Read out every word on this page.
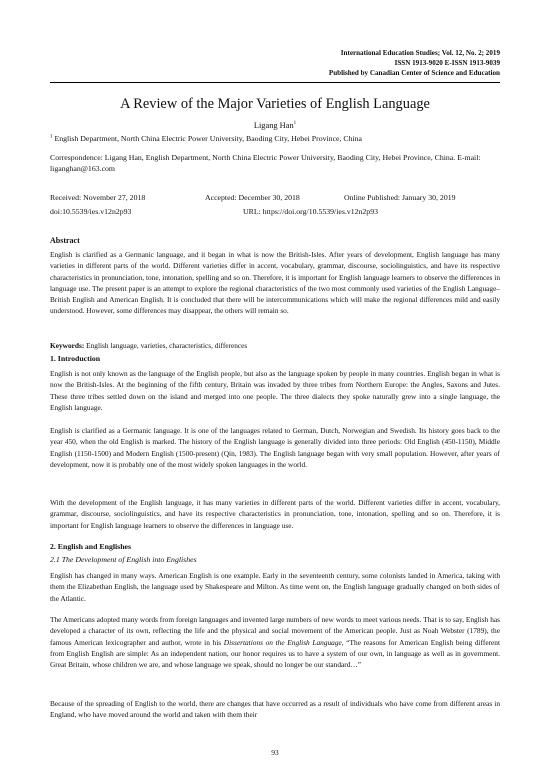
International Education Studies; Vol. 12, No. 2; 2019
ISSN 1913-9020 E-ISSN 1913-9039
Published by Canadian Center of Science and Education
A Review of the Major Varieties of English Language
Ligang Han$^1$
$^1$ English Department, North China Electric Power University, Baoding City, Hebei Province, China
Correspondence: Ligang Han, English Department, North China Electric Power University, Baoding City, Hebei Province, China. E-mail: liganghan@163.com
Received: November 27, 2018	Accepted: December 30, 2018	Online Published: January 30, 2019
doi:10.5539/ies.v12n2p93	URL: https://doi.org/10.5539/ies.v12n2p93
Abstract
English is clarified as a Germanic language, and it began in what is now the British-Isles. After years of development, English language has many varieties in different parts of the world. Different varieties differ in accent, vocabulary, grammar, discourse, sociolinguistics, and have its respective characteristics in pronunciation, tone, intonation, spelling and so on. Therefore, it is important for English language learners to observe the differences in language use. The present paper is an attempt to explore the regional characteristics of the two most commonly used varieties of the English Language–British English and American English. It is concluded that there will be intercommunications which will make the regional differences mild and easily understood. However, some differences may disappear, the others will remain so.
Keywords: English language, varieties, characteristics, differences
1. Introduction
English is not only known as the language of the English people, but also as the language spoken by people in many countries. English began in what is now the British-Isles. At the beginning of the fifth century, Britain was invaded by three tribes from Northern Europe: the Angles, Saxons and Jutes. These three tribes settled down on the island and merged into one people. The three dialects they spoke naturally grew into a single language, the English language.
English is clarified as a Germanic language. It is one of the languages related to German, Dutch, Norwegian and Swedish. Its history goes back to the year 450, when the old English is marked. The history of the English language is generally divided into three periods: Old English (450-1150), Middle English (1150-1500) and Modern English (1500-present) (Qin, 1983). The English language began with very small population. However, after years of development, now it is probably one of the most widely spoken languages in the world.
With the development of the English language, it has many varieties in different parts of the world. Different varieties differ in accent, vocabulary, grammar, discourse, sociolinguistics, and have its respective characteristics in pronunciation, tone, intonation, spelling and so on. Therefore, it is important for English language learners to observe the differences in language use.
2. English and Englishes
2.1 The Development of English into Englishes
English has changed in many ways. American English is one example. Early in the seventeenth century, some colonists landed in America, taking with them the Elizabethan English, the language used by Shakespeare and Milton. As time went on, the English language gradually changed on both sides of the Atlantic.
The Americans adopted many words from foreign languages and invented large numbers of new words to meet various needs. That is to say, English has developed a character of its own, reflecting the life and the physical and social movement of the American people. Just as Noah Webster (1789), the famous American lexicographer and author, wrote in his Dissertations on the English Language, “The reasons for American English being different from English English are simple: As an independent nation, our honor requires us to have a system of our own, in language as well as in government. Great Britain, whose children we are, and whose language we speak, should no longer be our standard…”
Because of the spreading of English to the world, there are changes that have occurred as a result of individuals who have come from different areas in England, who have moved around the world and taken with them their
93
